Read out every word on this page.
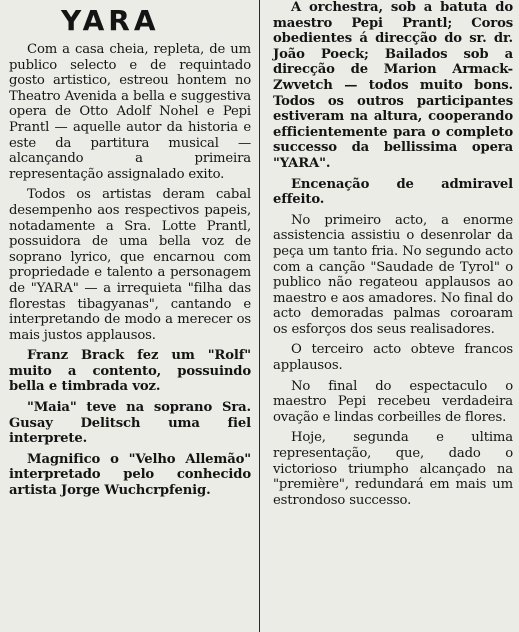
YARA

Com a casa cheia, repleta, de um publico selecto e de requintado gosto artistico, estreou hontem no Theatro Avenida a bella e suggestiva opera de Otto Adolf Nohel e Pepi Prantl — aquelle autor da historia e este da partitura musical — alcançando a primeira representação assignalado exito.

Todos os artistas deram cabal desempenho aos respectivos papeis, notadamente a Sra. Lotte Prantl, possuidora de uma bella voz de soprano lyrico, que encarnou com propriedade e talento a personagem de "YARA" — a irrequieta "filha das florestas tibagyanas", cantando e interpretando de modo a merecer os mais justos applausos.

Franz Brack fez um "Rolf" muito a contento, possuindo bella e timbrada voz.

"Maia" teve na soprano Sra. Gusay Delitsch uma fiel interprete.

Magnifico o "Velho Allemão" interpretado pelo conhecido artista Jorge Wuchcrpfenig.

A orchestra, sob a batuta do maestro Pepi Prantl; Coros obedientes á direcção do sr. dr. João Poeck; Bailados sob a direcção de Marion Armack-Zwvetch — todos muito bons. Todos os outros participantes estiveram na altura, cooperando efficientemente para o completo successo da bellissima opera "YARA".

Encenação de admiravel effeito.

No primeiro acto, a enorme assistencia assistiu o desenrolar da peça um tanto fria. No segundo acto com a canção "Saudade de Tyrol" o publico não regateou applausos ao maestro e aos amadores. No final do acto demoradas palmas coroaram os esforços dos seus realisadores.

O terceiro acto obteve francos applausos.

No final do espectaculo o maestro Pepi recebeu verdadeira ovação e lindas corbeilles de flores.

Hoje, segunda e ultima representação, que, dado o victorioso triumpho alcançado na "première", redundará em mais um estrondoso successo.
